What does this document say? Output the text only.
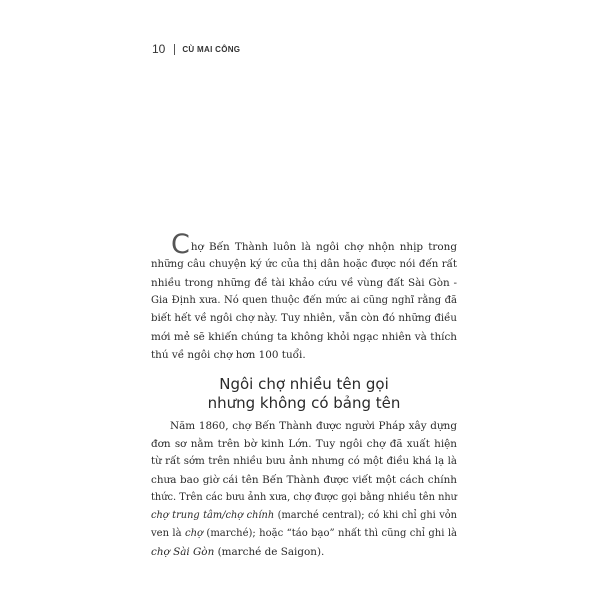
10 CÙ MAI CÔNG

Chợ Bến Thành luôn là ngôi chợ nhộn nhịp trong
những câu chuyện ký ức của thị dân hoặc được nói đến rất
nhiều trong những đề tài khảo cứu về vùng đất Sài Gòn -
Gia Định xưa. Nó quen thuộc đến mức ai cũng nghĩ rằng đã
biết hết về ngôi chợ này. Tuy nhiên, vẫn còn đó những điều
mới mẻ sẽ khiến chúng ta không khỏi ngạc nhiên và thích
thú về ngôi chợ hơn 100 tuổi.

Ngôi chợ nhiều tên gọi
nhưng không có bảng tên

Năm 1860, chợ Bến Thành được người Pháp xây dựng
đơn sơ nằm trên bờ kinh Lớn. Tuy ngôi chợ đã xuất hiện
từ rất sớm trên nhiều bưu ảnh nhưng có một điều khá lạ là
chưa bao giờ cái tên Bến Thành được viết một cách chính
thức. Trên các bưu ảnh xưa, chợ được gọi bằng nhiều tên như
chợ trung tâm/chợ chính (marché central); có khi chỉ ghi vỏn
ven là chợ (marché); hoặc “táo bạo” nhất thì cũng chỉ ghi là
chợ Sài Gòn (marché de Saigon).
